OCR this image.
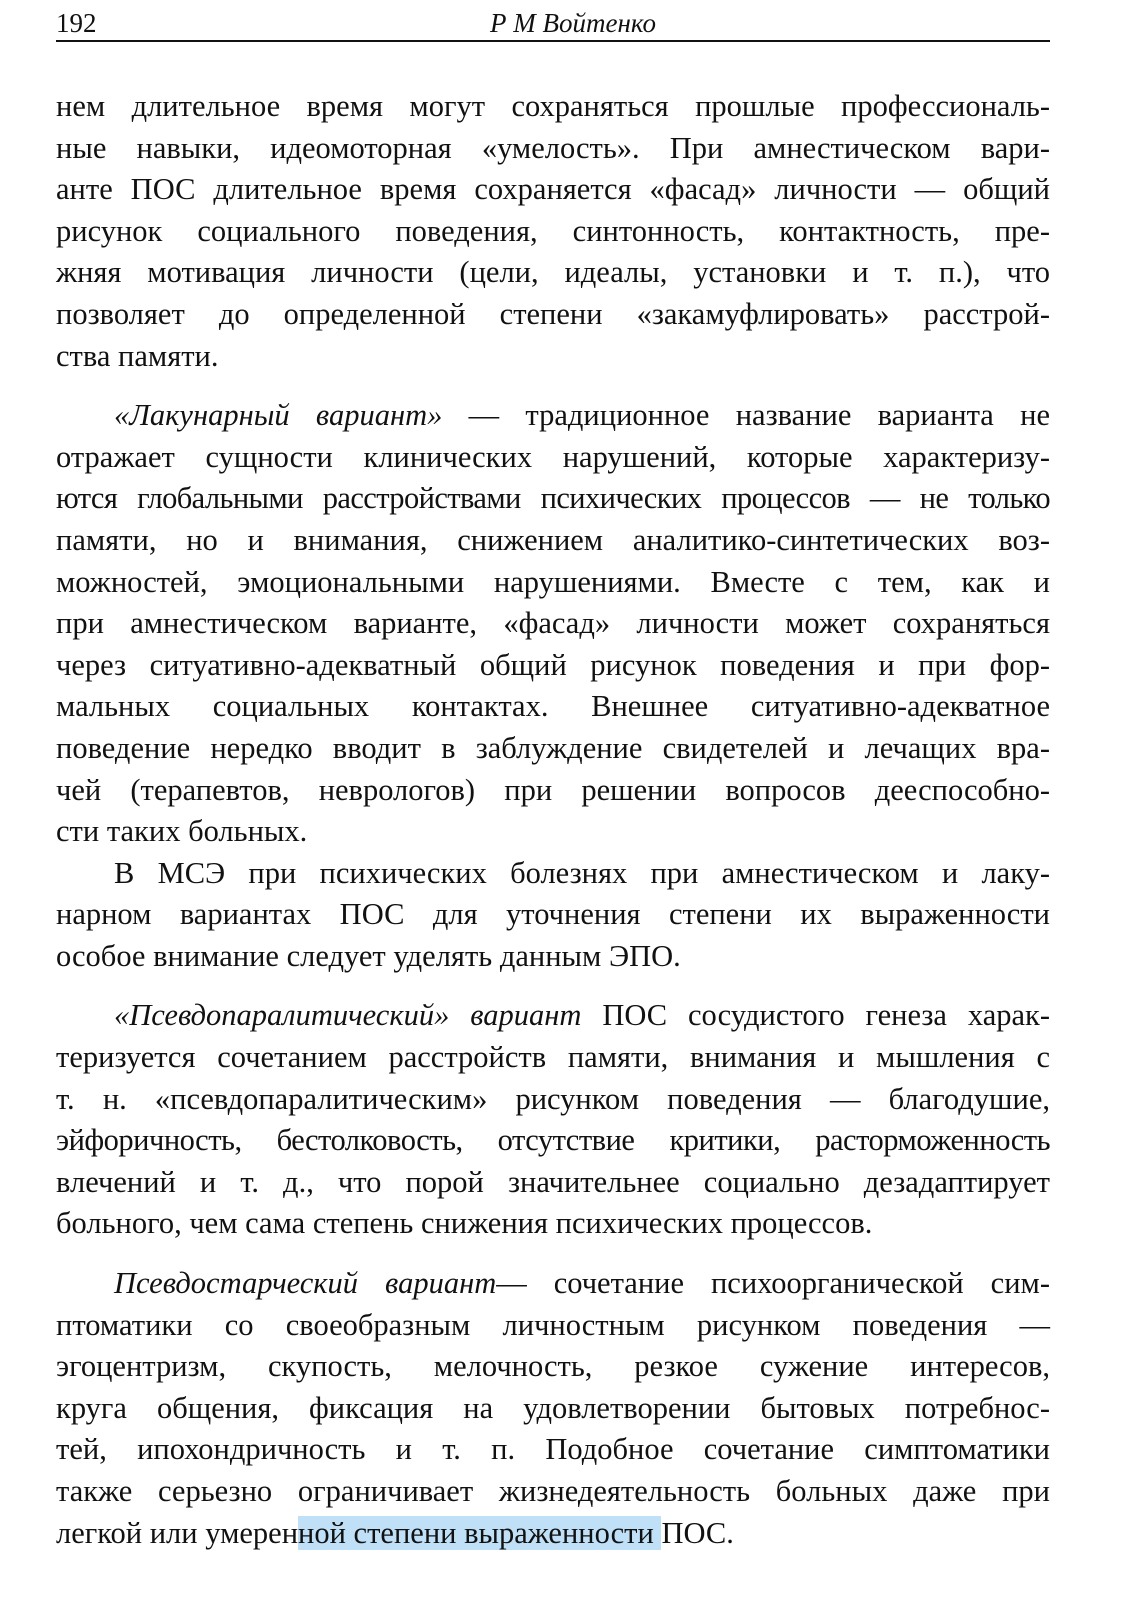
192	Р М Войтенко
нем длительное время могут сохраняться прошлые профессиональ-
ные навыки, идеомоторная «умелость». При амнестическом вари-
анте ПОС длительное время сохраняется «фасад» личности — общий
рисунок социального поведения, синтонность, контактность, пре-
жняя мотивация личности (цели, идеалы, установки и т. п.), что
позволяет до определенной степени «закамуфлировать» расстрой-
ства памяти.
«Лакунарный вариант» — традиционное название варианта не
отражает сущности клинических нарушений, которые характеризу-
ются глобальными расстройствами психических процессов — не только
памяти, но и внимания, снижением аналитико-синтетических воз-
можностей, эмоциональными нарушениями. Вместе с тем, как и
при амнестическом варианте, «фасад» личности может сохраняться
через ситуативно-адекватный общий рисунок поведения и при фор-
мальных социальных контактах. Внешнее ситуативно-адекватное
поведение нередко вводит в заблуждение свидетелей и лечащих вра-
чей (терапевтов, неврологов) при решении вопросов дееспособно-
сти таких больных.
В МСЭ при психических болезнях при амнестическом и лаку-
нарном вариантах ПОС для уточнения степени их выраженности
особое внимание следует уделять данным ЭПО.
«Псевдопаралитический» вариант ПОС сосудистого генеза харак-
теризуется сочетанием расстройств памяти, внимания и мышления с
т. н. «псевдопаралитическим» рисунком поведения — благодушие,
эйфоричность, бестолковость, отсутствие критики, расторможенность
влечений и т. д., что порой значительнее социально дезадаптирует
больного, чем сама степень снижения психических процессов.
Псевдостарческий вариант— сочетание психоорганической сим-
птоматики со своеобразным личностным рисунком поведения —
эгоцентризм, скупость, мелочность, резкое сужение интересов,
круга общения, фиксация на удовлетворении бытовых потребнос-
тей, ипохондричность и т. п. Подобное сочетание симптоматики
также серьезно ограничивает жизнедеятельность больных даже при
легкой или умеренной степени выраженности ПОС.
